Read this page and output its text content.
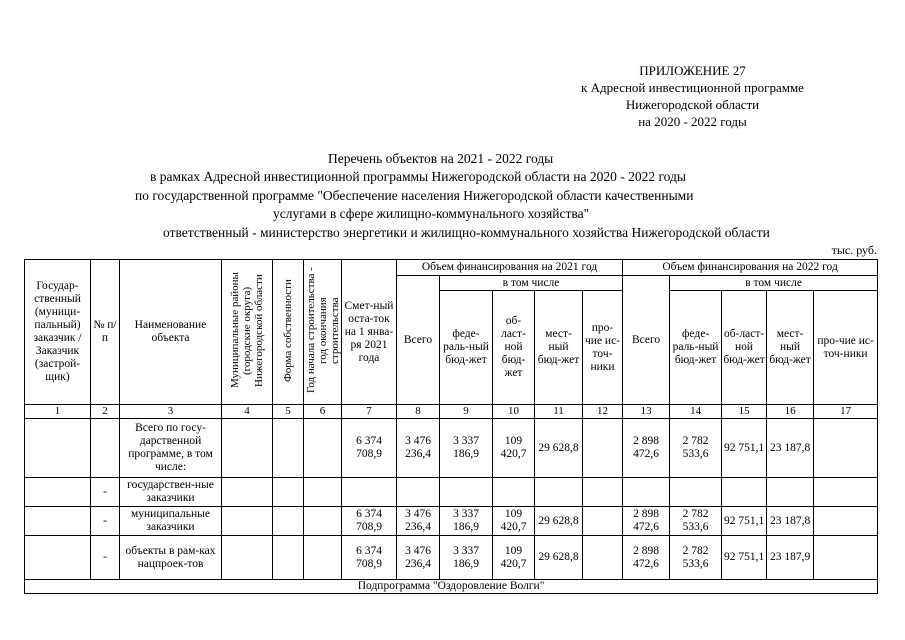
ПРИЛОЖЕНИЕ 27
к Адресной инвестиционной программе
Нижегородской области
на 2020 - 2022 годы
Перечень объектов на 2021 - 2022 годы
в рамках Адресной инвестиционной программы Нижегородской области на 2020 - 2022 годы
по государственной программе "Обеспечение населения Нижегородской области качественными
услугами в сфере жилищно-коммунального хозяйства"
ответственный - министерство энергетики и жилищно-коммунального хозяйства Нижегородской области
тыс. руб.
Государ-ственный (муници-пальный) заказчик / Заказчик (застрой-щик)	№ п/п	Наименование объекта	Муниципальные районы (городские округа) Нижегородской области	Форма собственности	Год начала строительства - год окончания строительства	Смет-ный оста-ток на 1 янва-ря 2021 года	Объем финансирования на 2021 год					Объем финансирования на 2022 год				
							Всего	в том числе				Всего	в том числе			
								феде-раль-ный бюд-жет	об-ласт-ной бюд-жет	мест-ный бюд-жет	про-чие ис-точ-ники		феде-раль-ный бюд-жет	об-ласт-ной бюд-жет	мест-ный бюд-жет	про-чие ис-точ-ники
1	2	3	4	5	6	7	8	9	10	11	12	13	14	15	16	17
		Всего по госу-дарственной программе, в том числе:				6 374 708,9	3 476 236,4	3 337 186,9	109 420,7	29 628,8		2 898 472,6	2 782 533,6	92 751,1	23 187,8	
	-	государствен-ные заказчики														
	-	муниципальные заказчики				6 374 708,9	3 476 236,4	3 337 186,9	109 420,7	29 628,8		2 898 472,6	2 782 533,6	92 751,1	23 187,8	
	-	объекты в рам-ках нацпроек-тов				6 374 708,9	3 476 236,4	3 337 186,9	109 420,7	29 628,8		2 898 472,6	2 782 533,6	92 751,1	23 187,9	
Подпрограмма "Оздоровление Волги"																
